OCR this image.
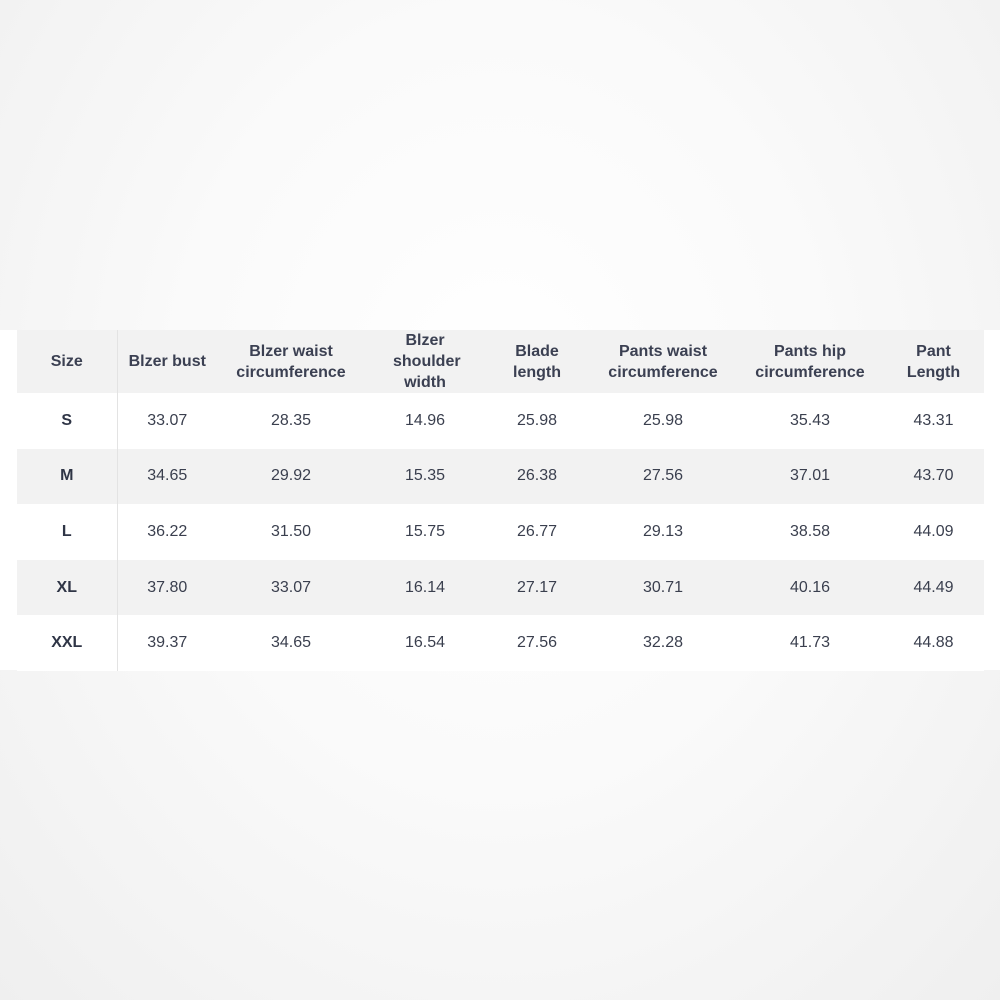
Size	Blzer bust	Blzer waist circumference	Blzer shoulder width	Blade length	Pants waist circumference	Pants hip circumference	Pant Length
S	33.07	28.35	14.96	25.98	25.98	35.43	43.31
M	34.65	29.92	15.35	26.38	27.56	37.01	43.70
L	36.22	31.50	15.75	26.77	29.13	38.58	44.09
XL	37.80	33.07	16.14	27.17	30.71	40.16	44.49
XXL	39.37	34.65	16.54	27.56	32.28	41.73	44.88
